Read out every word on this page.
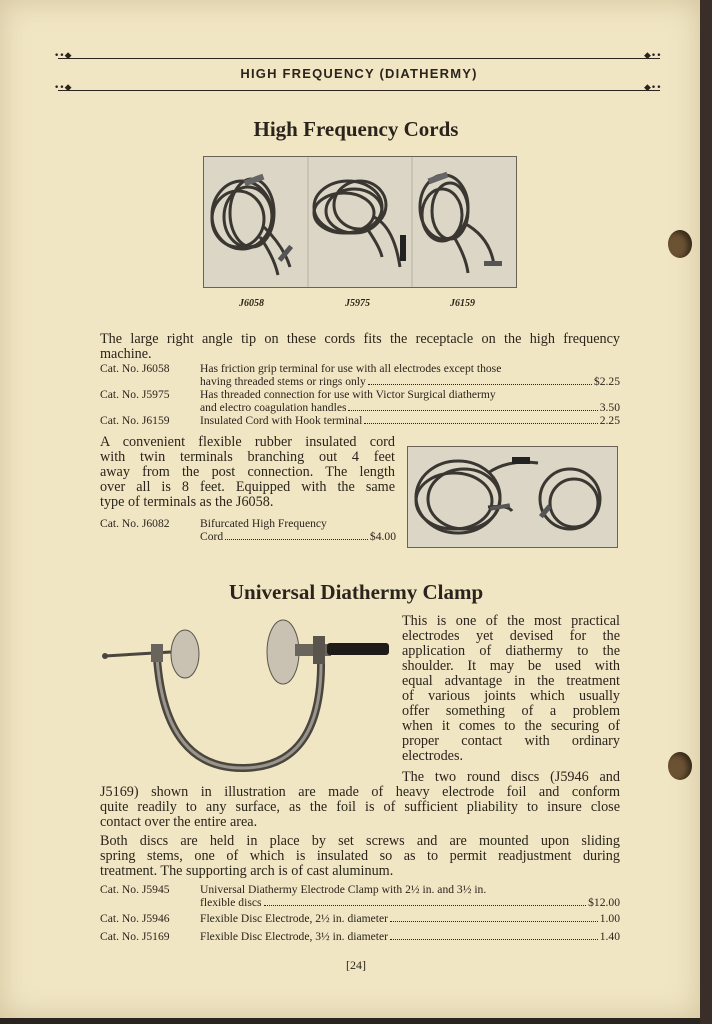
••◆	◆••
HIGH FREQUENCY (DIATHERMY)
••◆	◆••
High Frequency Cords
J6058	J5975	J6159
The large right angle tip on these cords fits the receptacle on the high frequency
machine.
Cat. No. J6058	Has friction grip terminal for use with all electrodes except those
having threaded stems or rings only	$2.25
Cat. No. J5975	Has threaded connection for use with Victor Surgical diathermy
and electro coagulation handles	3.50
Cat. No. J6159	Insulated Cord with Hook terminal	2.25
A convenient flexible rubber insulated cord
with twin terminals branching out 4 feet
away from the post connection. The length
over all is 8 feet. Equipped with the same
type of terminals as the J6058.
Cat. No. J6082	Bifurcated High Frequency
Cord	$4.00
Universal Diathermy Clamp
This is one of the most practical
electrodes yet devised for the
application of diathermy to the
shoulder. It may be used with
equal advantage in the treatment
of various joints which usually
offer something of a problem
when it comes to the securing of
proper contact with ordinary
electrodes.
The two round discs (J5946 and
J5169) shown in illustration are made of heavy electrode foil and conform
quite readily to any surface, as the foil is of sufficient pliability to insure close
contact over the entire area.
Both discs are held in place by set screws and are mounted upon sliding
spring stems, one of which is insulated so as to permit readjustment during
treatment. The supporting arch is of cast aluminum.
Cat. No. J5945	Universal Diathermy Electrode Clamp with 2½ in. and 3½ in.
flexible discs	$12.00
Cat. No. J5946	Flexible Disc Electrode, 2½ in. diameter	1.00
Cat. No. J5169	Flexible Disc Electrode, 3½ in. diameter	1.40
[24]
